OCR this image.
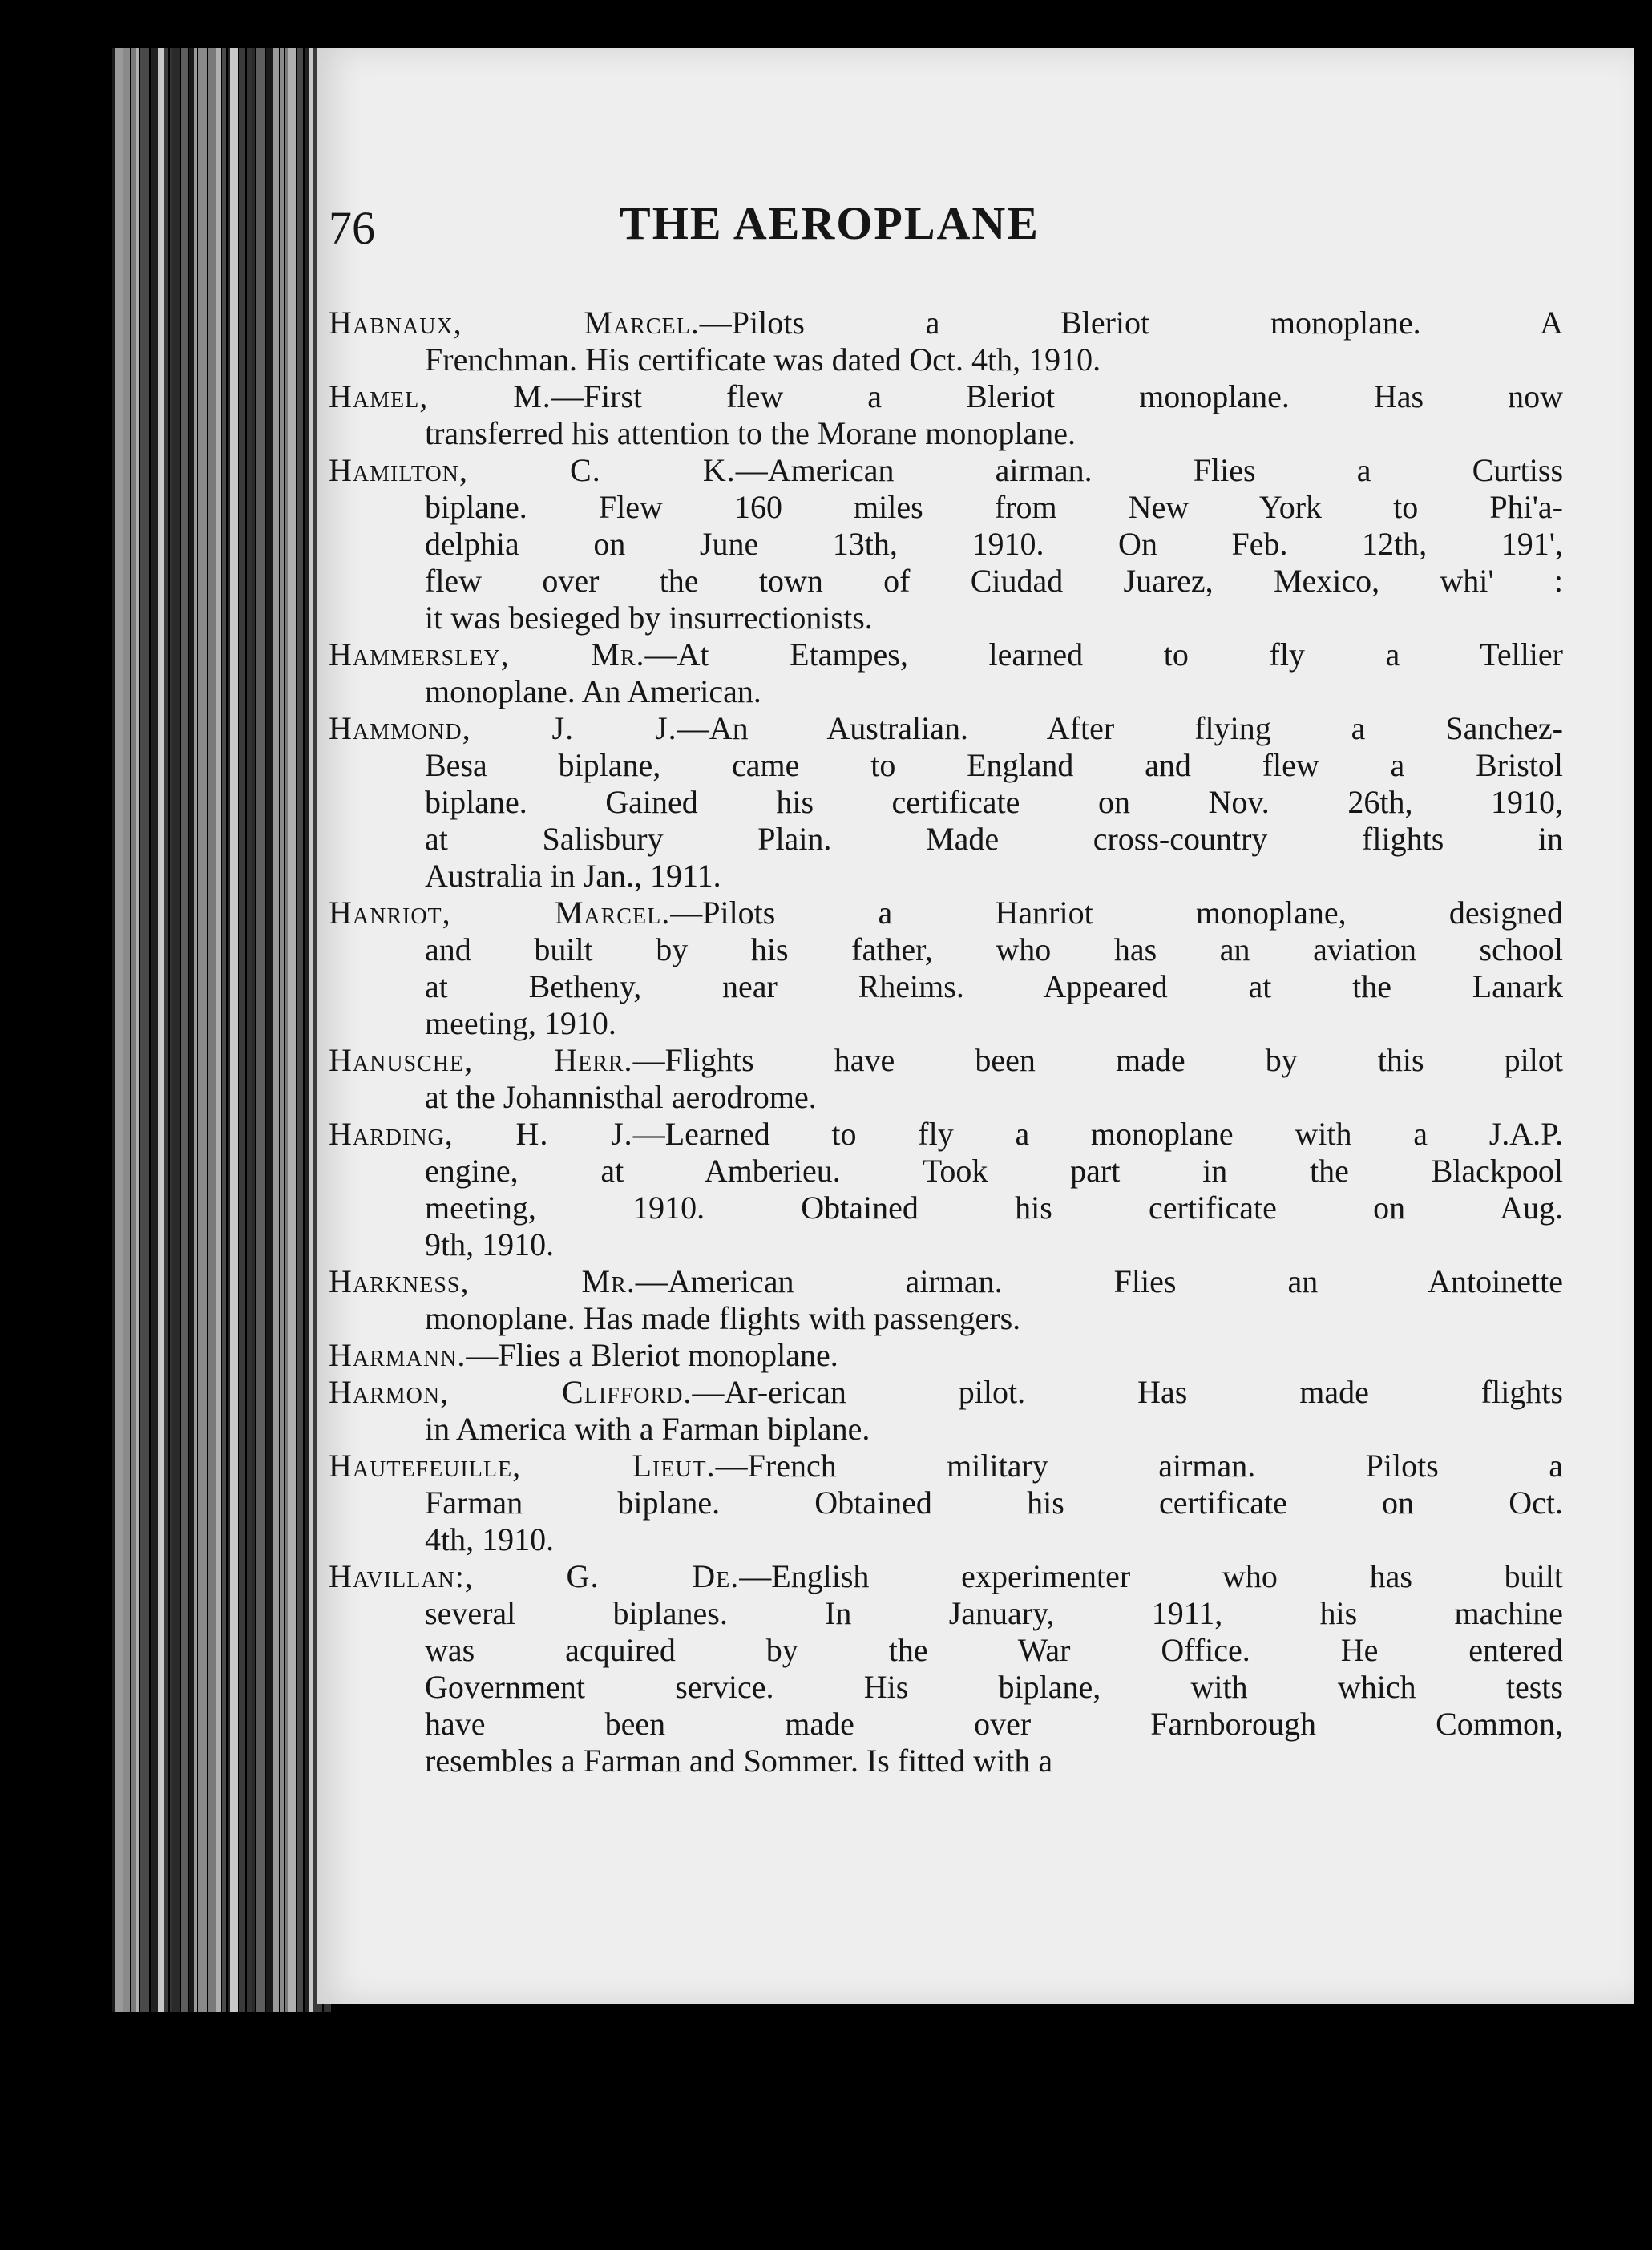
76	THE AEROPLANE
Habnaux, Marcel.—Pilots a Bleriot monoplane. A
Frenchman. His certificate was dated Oct. 4th, 1910.
Hamel, M.—First flew a Bleriot monoplane. Has now
transferred his attention to the Morane monoplane.
Hamilton, C. K.—American airman. Flies a Curtiss
biplane. Flew 160 miles from New York to Phi'a-
delphia on June 13th, 1910. On Feb. 12th, 191',
flew over the town of Ciudad Juarez, Mexico, whi' :
it was besieged by insurrectionists.
Hammersley, Mr.—At Etampes, learned to fly a Tellier
monoplane. An American.
Hammond, J. J.—An Australian. After flying a Sanchez-
Besa biplane, came to England and flew a Bristol
biplane. Gained his certificate on Nov. 26th, 1910,
at Salisbury Plain. Made cross-country flights in
Australia in Jan., 1911.
Hanriot, Marcel.—Pilots a Hanriot monoplane, designed
and built by his father, who has an aviation school
at Betheny, near Rheims. Appeared at the Lanark
meeting, 1910.
Hanusche, Herr.—Flights have been made by this pilot
at the Johannisthal aerodrome.
Harding, H. J.—Learned to fly a monoplane with a J.A.P.
engine, at Amberieu. Took part in the Blackpool
meeting, 1910. Obtained his certificate on Aug.
9th, 1910.
Harkness, Mr.—American airman. Flies an Antoinette
monoplane. Has made flights with passengers.
Harmann.—Flies a Bleriot monoplane.
Harmon, Clifford.—Ar-erican pilot. Has made flights
in America with a Farman biplane.
Hautefeuille, Lieut.—French military airman. Pilots a
Farman biplane. Obtained his certificate on Oct.
4th, 1910.
Havillan:, G. De.—English experimenter who has built
several biplanes. In January, 1911, his machine
was acquired by the War Office. He entered
Government service. His biplane, with which tests
have been made over Farnborough Common,
resembles a Farman and Sommer. Is fitted with a
